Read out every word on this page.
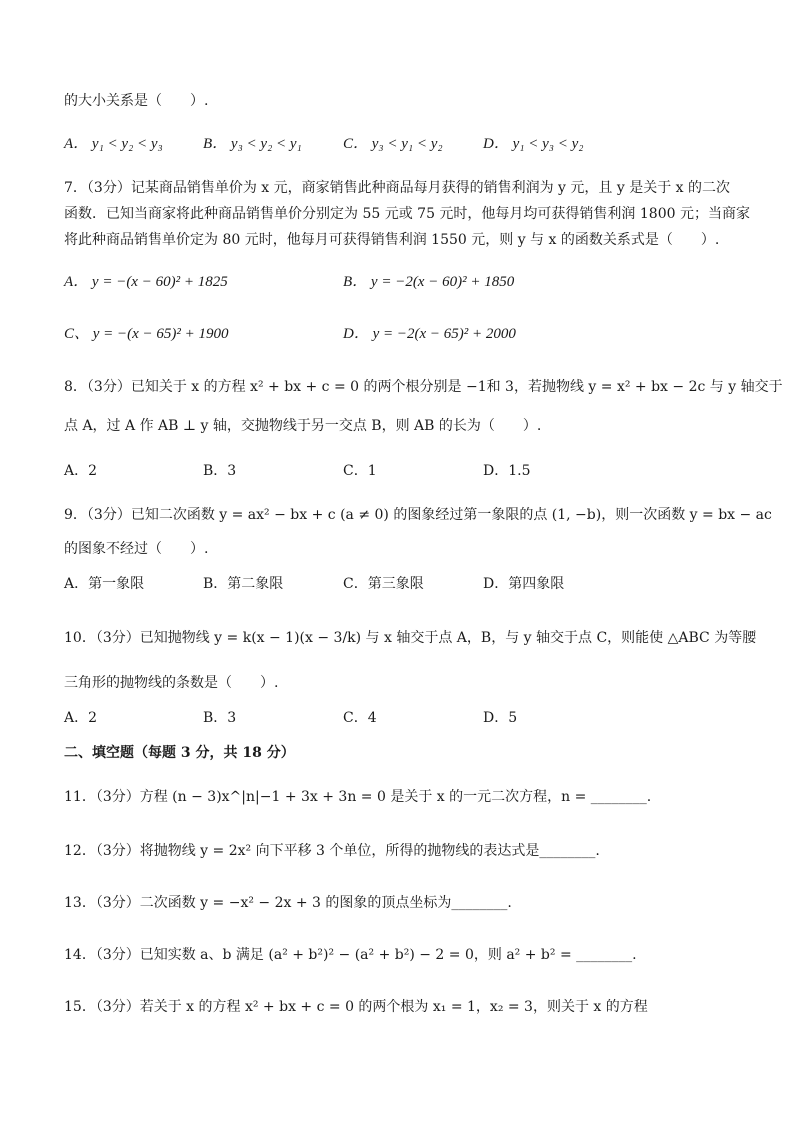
的大小关系是（　　）.
A． y₁ < y₂ < y₃	B． y₃ < y₂ < y₁	C． y₃ < y₁ < y₂	D． y₁ < y₃ < y₂
7．（3分）记某商品销售单价为 x 元，商家销售此种商品每月获得的销售利润为 y 元，且 y 是关于 x 的二次
函数．已知当商家将此种商品销售单价分别定为 55 元或 75 元时，他每月均可获得销售利润 1800 元；当商家
将此种商品销售单价定为 80 元时，他每月可获得销售利润 1550 元，则 y 与 x 的函数关系式是（　　）.
A． y = −(x − 60)² + 1825	B． y = −2(x − 60)² + 1850
C、 y = −(x − 65)² + 1900	D． y = −2(x − 65)² + 2000
8．（3分）已知关于 x 的方程 x² + bx + c = 0 的两个根分别是 −1和 3，若抛物线 y = x² + bx − 2c 与 y 轴交于
点 A，过 A 作 AB ⊥ y 轴，交抛物线于另一交点 B，则 AB 的长为（　　）.
A．2	B．3	C．1	D．1.5
9．（3分）已知二次函数 y = ax² − bx + c (a ≠ 0) 的图象经过第一象限的点 (1, −b)，则一次函数 y = bx − ac
的图象不经过（　　）.
A．第一象限	B．第二象限	C．第三象限	D．第四象限
10．（3分）已知抛物线 y = k(x − 1)(x − 3/k) 与 x 轴交于点 A，B，与 y 轴交于点 C，则能使 △ABC 为等腰
三角形的抛物线的条数是（　　）.
A．2	B．3	C．4	D．5
二、填空题（每题 3 分，共 18 分）
11．（3分）方程 (n − 3)x^|n|−1 + 3x + 3n = 0 是关于 x 的一元二次方程，n = ________.
12．（3分）将抛物线 y = 2x² 向下平移 3 个单位，所得的抛物线的表达式是________.
13．（3分）二次函数 y = −x² − 2x + 3 的图象的顶点坐标为________.
14．（3分）已知实数 a、b 满足 (a² + b²)² − (a² + b²) − 2 = 0，则 a² + b² = ________.
15．（3分）若关于 x 的方程 x² + bx + c = 0 的两个根为 x₁ = 1，x₂ = 3，则关于 x 的方程
